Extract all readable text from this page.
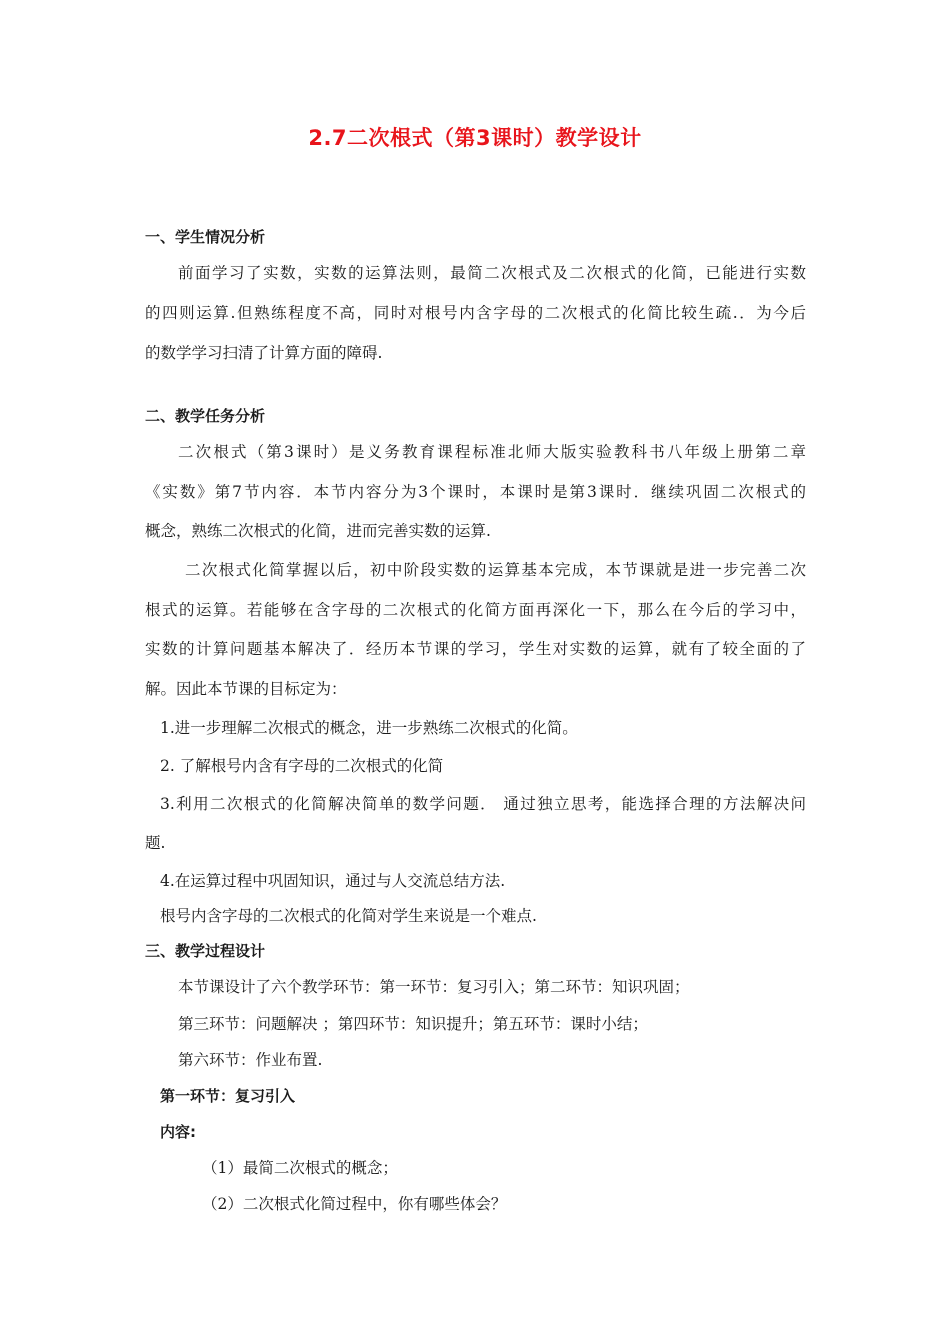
2.7二次根式（第3课时）教学设计
一、学生情况分析
前面学习了实数，实数的运算法则，最简二次根式及二次根式的化简，已能进行实数
的四则运算.但熟练程度不高，同时对根号内含字母的二次根式的化简比较生疏.．为今后
的数学学习扫清了计算方面的障碍.
二、教学任务分析
二次根式（第3课时）是义务教育课程标准北师大版实验教科书八年级上册第二章
《实数》第7节内容．本节内容分为3个课时，本课时是第3课时．继续巩固二次根式的
概念，熟练二次根式的化简，进而完善实数的运算.
二次根式化简掌握以后，初中阶段实数的运算基本完成，本节课就是进一步完善二次
根式的运算。若能够在含字母的二次根式的化简方面再深化一下，那么在今后的学习中，
实数的计算问题基本解决了．经历本节课的学习，学生对实数的运算，就有了较全面的了
解。因此本节课的目标定为：
1.进一步理解二次根式的概念，进一步熟练二次根式的化简。
2. 了解根号内含有字母的二次根式的化简
3.利用二次根式的化简解决简单的数学问题． 通过独立思考，能选择合理的方法解决问
题.
4.在运算过程中巩固知识，通过与人交流总结方法.
根号内含字母的二次根式的化简对学生来说是一个难点.
三、教学过程设计
本节课设计了六个教学环节：第一环节：复习引入；第二环节：知识巩固；
第三环节：问题解决 ；第四环节：知识提升；第五环节：课时小结；
第六环节：作业布置.
第一环节：复习引入
内容:
（1）最简二次根式的概念；
（2）二次根式化简过程中，你有哪些体会？
